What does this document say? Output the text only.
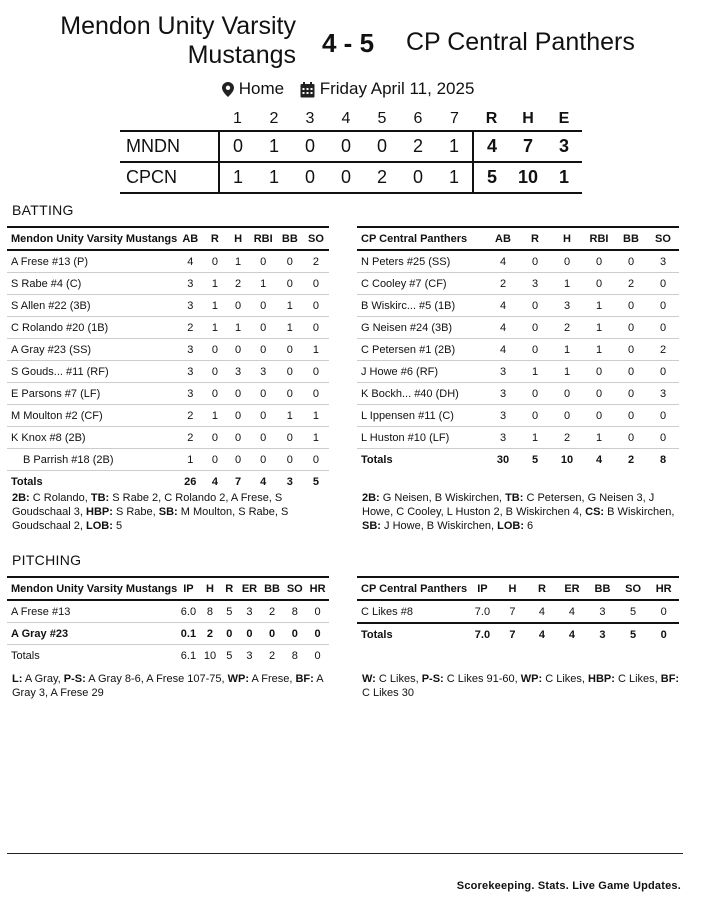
Mendon Unity Varsity Mustangs 4 - 5 CP Central Panthers
Home	Friday April 11, 2025
	1	2	3	4	5	6	7	R	H	E
MNDN	0	1	0	0	0	2	1	4	7	3
CPCN	1	1	0	0	2	0	1	5	10	1
BATTING
Mendon Unity Varsity Mustangs	AB	R	H	RBI	BB	SO
A Frese #13 (P)	4	0	1	0	0	2
S Rabe #4 (C)	3	1	2	1	0	0
S Allen #22 (3B)	3	1	0	0	1	0
C Rolando #20 (1B)	2	1	1	0	1	0
A Gray #23 (SS)	3	0	0	0	0	1
S Gouds... #11 (RF)	3	0	3	3	0	0
E Parsons #7 (LF)	3	0	0	0	0	0
M Moulton #2 (CF)	2	1	0	0	1	1
K Knox #8 (2B)	2	0	0	0	0	1
B Parrish #18 (2B)	1	0	0	0	0	0
Totals	26	4	7	4	3	5
CP Central Panthers	AB	R	H	RBI	BB	SO
N Peters #25 (SS)	4	0	0	0	0	3
C Cooley #7 (CF)	2	3	1	0	2	0
B Wiskirc... #5 (1B)	4	0	3	1	0	0
G Neisen #24 (3B)	4	0	2	1	0	0
C Petersen #1 (2B)	4	0	1	1	0	2
J Howe #6 (RF)	3	1	1	0	0	0
K Bockh... #40 (DH)	3	0	0	0	0	3
L Ippensen #11 (C)	3	0	0	0	0	0
L Huston #10 (LF)	3	1	2	1	0	0
Totals	30	5	10	4	2	8
2B: C Rolando, TB: S Rabe 2, C Rolando 2, A Frese, S Goudschaal 3, HBP: S Rabe, SB: M Moulton, S Rabe, S Goudschaal 2, LOB: 5
2B: G Neisen, B Wiskirchen, TB: C Petersen, G Neisen 3, J Howe, C Cooley, L Huston 2, B Wiskirchen 4, CS: B Wiskirchen, SB: J Howe, B Wiskirchen, LOB: 6
PITCHING
Mendon Unity Varsity Mustangs	IP	H	R	ER	BB	SO	HR
A Frese #13	6.0	8	5	3	2	8	0
A Gray #23	0.1	2	0	0	0	0	0
Totals	6.1	10	5	3	2	8	0
CP Central Panthers	IP	H	R	ER	BB	SO	HR
C Likes #8	7.0	7	4	4	3	5	0
Totals	7.0	7	4	4	3	5	0
L: A Gray, P-S: A Gray 8-6, A Frese 107-75, WP: A Frese, BF: A Gray 3, A Frese 29
W: C Likes, P-S: C Likes 91-60, WP: C Likes, HBP: C Likes, BF: C Likes 30
Scorekeeping. Stats. Live Game Updates.
